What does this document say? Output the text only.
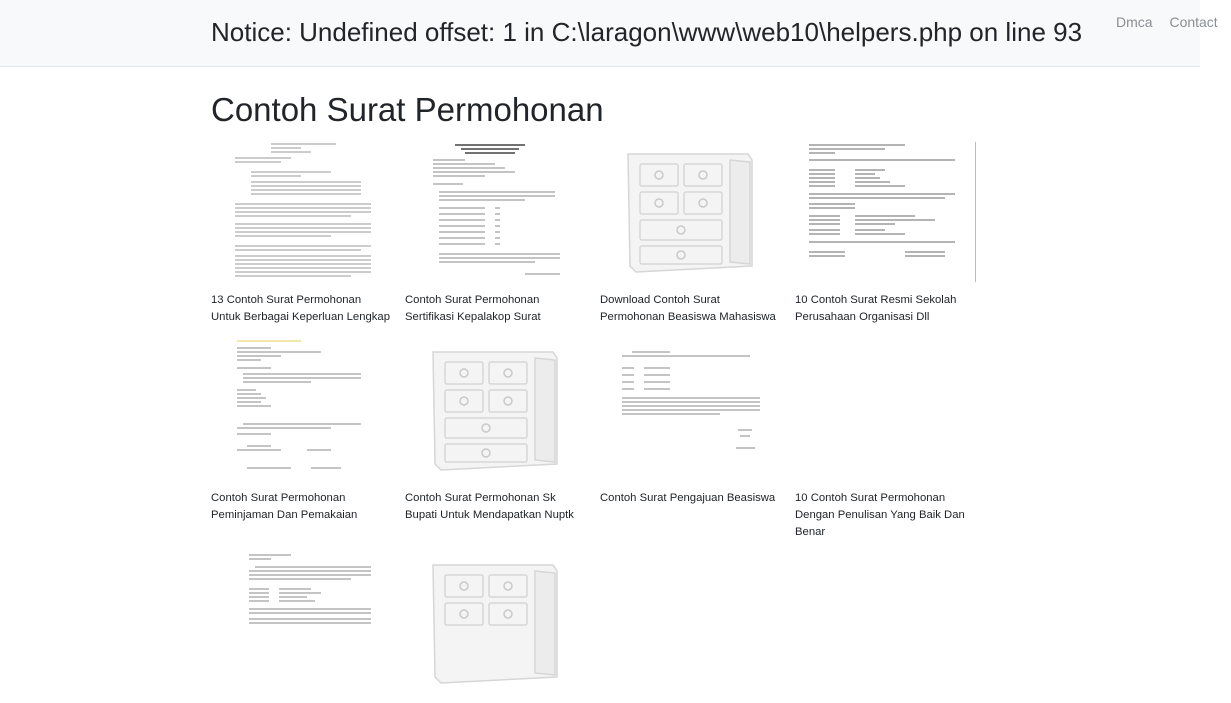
Notice: Undefined offset: 1 in C:\laragon\www\web10\helpers.php on line 93 Dmca Contact
Contoh Surat Permohonan
13 Contoh Surat Permohonan Untuk Berbagai Keperluan Lengkap
Contoh Surat Permohonan Sertifikasi Kepalakop Surat
Download Contoh Surat Permohonan Beasiswa Mahasiswa
10 Contoh Surat Resmi Sekolah Perusahaan Organisasi Dll
Contoh Surat Permohonan Peminjaman Dan Pemakaian
Contoh Surat Permohonan Sk Bupati Untuk Mendapatkan Nuptk
Contoh Surat Pengajuan Beasiswa	10 Contoh Surat Permohonan Dengan Penulisan Yang Baik Dan Benar
